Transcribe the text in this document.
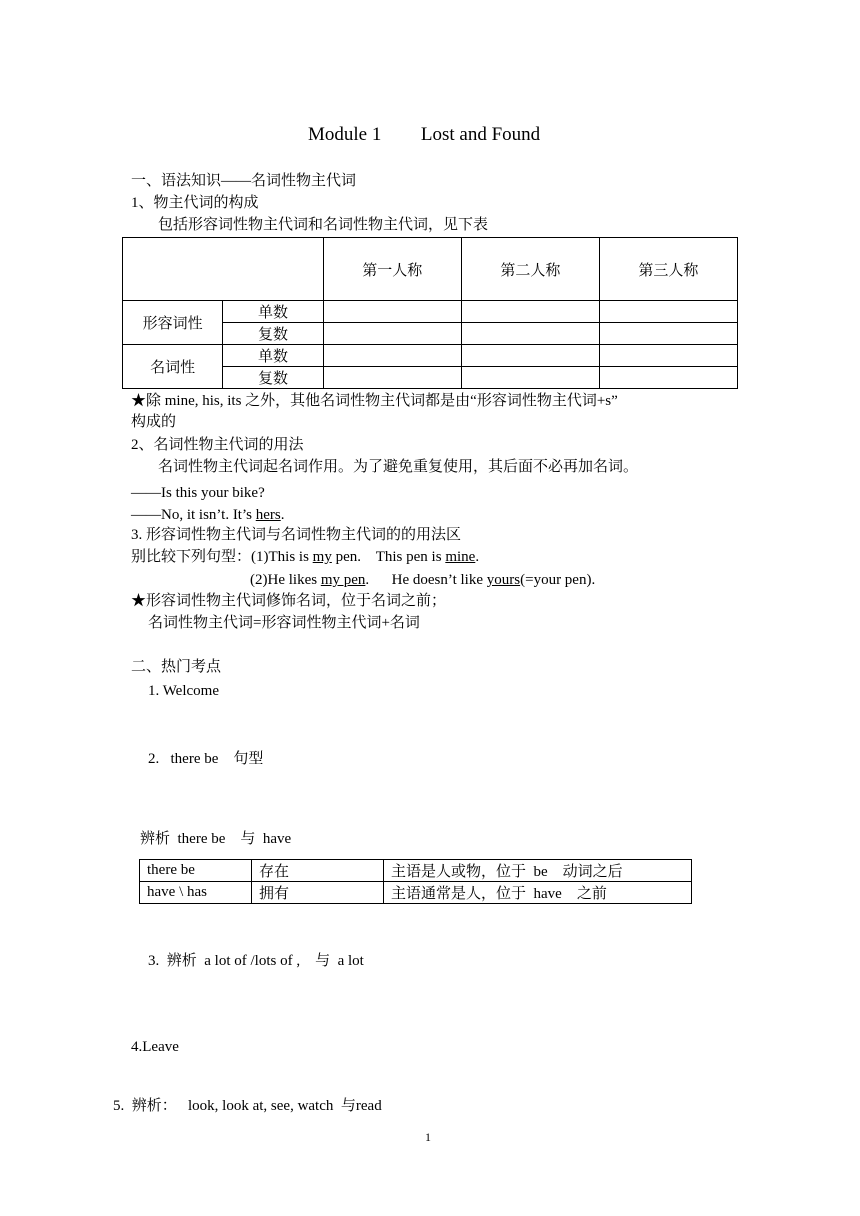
Module 1 Lost and Found
一、语法知识——名词性物主代词
1、物主代词的构成
包括形容词性物主代词和名词性物主代词，见下表
		第一人称	第二人称	第三人称
形容词性	单数			
	复数			
名词性	单数			
	复数			
★除 mine, his, its 之外，其他名词性物主代词都是由“形容词性物主代词+s”
构成的
2、名词性物主代词的用法
名词性物主代词起名词作用。为了避免重复使用，其后面不必再加名词。
——Is this your bike?
——No, it isn’t. It’s hers.
3. 形容词性物主代词与名词性物主代词的的用法区
别比较下列句型：(1)This is my pen.    This pen is mine.
(2)He likes my pen.      He doesn’t like yours(=your pen).
★形容词性物主代词修饰名词，位于名词之前；
名词性物主代词=形容词性物主代词+名词
二、热门考点
1. Welcome
2.   there be    句型
辨析  there be    与  have
there be	存在	主语是人或物，位于  be    动词之后
have \ has	拥有	主语通常是人，位于  have    之前
3.  辨析  a lot of /lots of ,    与  a lot
4.Leave
5.  辨析：   look, look at, see, watch  与read
1
